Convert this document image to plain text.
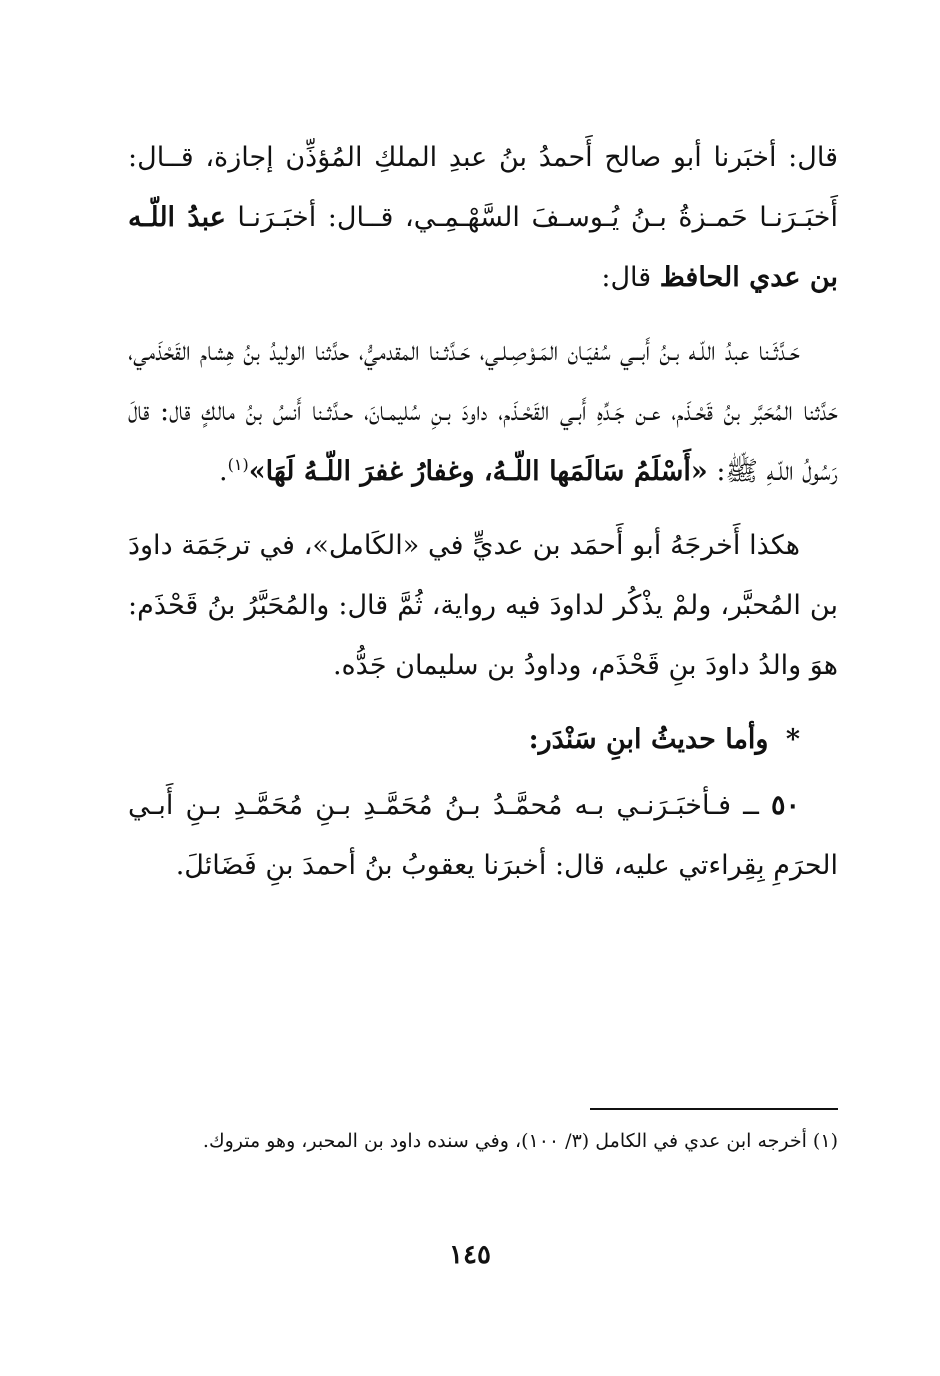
قال: أخبَرنا أبو صالح أَحمدُ بنُ عبدِ الملكِ المُؤذِّن إجازة، قــال: أَخبَـرَنـا حَمـزةُ بـنُ يُـوسـفَ السَّهْـمِـي، قــال: أخبَـرَنـا عبدُ اللّـه بن عدي الحافظ قال:

حَـدَّثَـنا عبدُ اللّـه بـنُ أَبــي سُفيَـان المَـوْصِـلـي، حَـدَّثـنا المقدميُّ، حدَّثنا الوليدُ بنُ هِشام القَحْذَمي، حَدَّثنا المُحَبَّر بنُ قَحْـذَم، عـن جَـدِّهِ أَبـي القَحْـذَم، داودَ بـنِ سُليمـانَ، حـدَّثـنا أَنسُ بنُ مالكٍ قال: قالَ رَسُولُ اللّـهِ ﷺ: «أَسْلَمُ سَالَمَها اللّـهُ، وغفارُ غفرَ اللّـهُ لَهَا»$^{(١)}$.

هكذا أَخرجَهُ أبو أَحمَد بن عديٍّ في «الكَامل»، في ترجَمَة داودَ بن المُحبَّر، ولمْ يذْكُر لداودَ فيه رواية، ثُمَّ قال: والمُحَبَّرُ بنُ قَحْذَم: هوَ والدُ داودَ بنِ قَحْذَم، وداودُ بن سليمان جَدُّه.

* وأما حديثُ ابنِ سَنْدَر:

٥٠ ــ فـأخبَـرَنـي بـه مُحمَّـدُ بـنُ مُحَمَّـدِ بـنِ مُحَمَّـدِ بـنِ أَبـي الحرَمِ بِقِراءتي عليه، قال: أخبرَنا يعقوبُ بنُ أحمدَ بنِ فَضَائلَ.

(١) أخرجه ابن عدي في الكامل (٣/ ١٠٠)، وفي سنده داود بن المحبر، وهو متروك.
١٤٥
